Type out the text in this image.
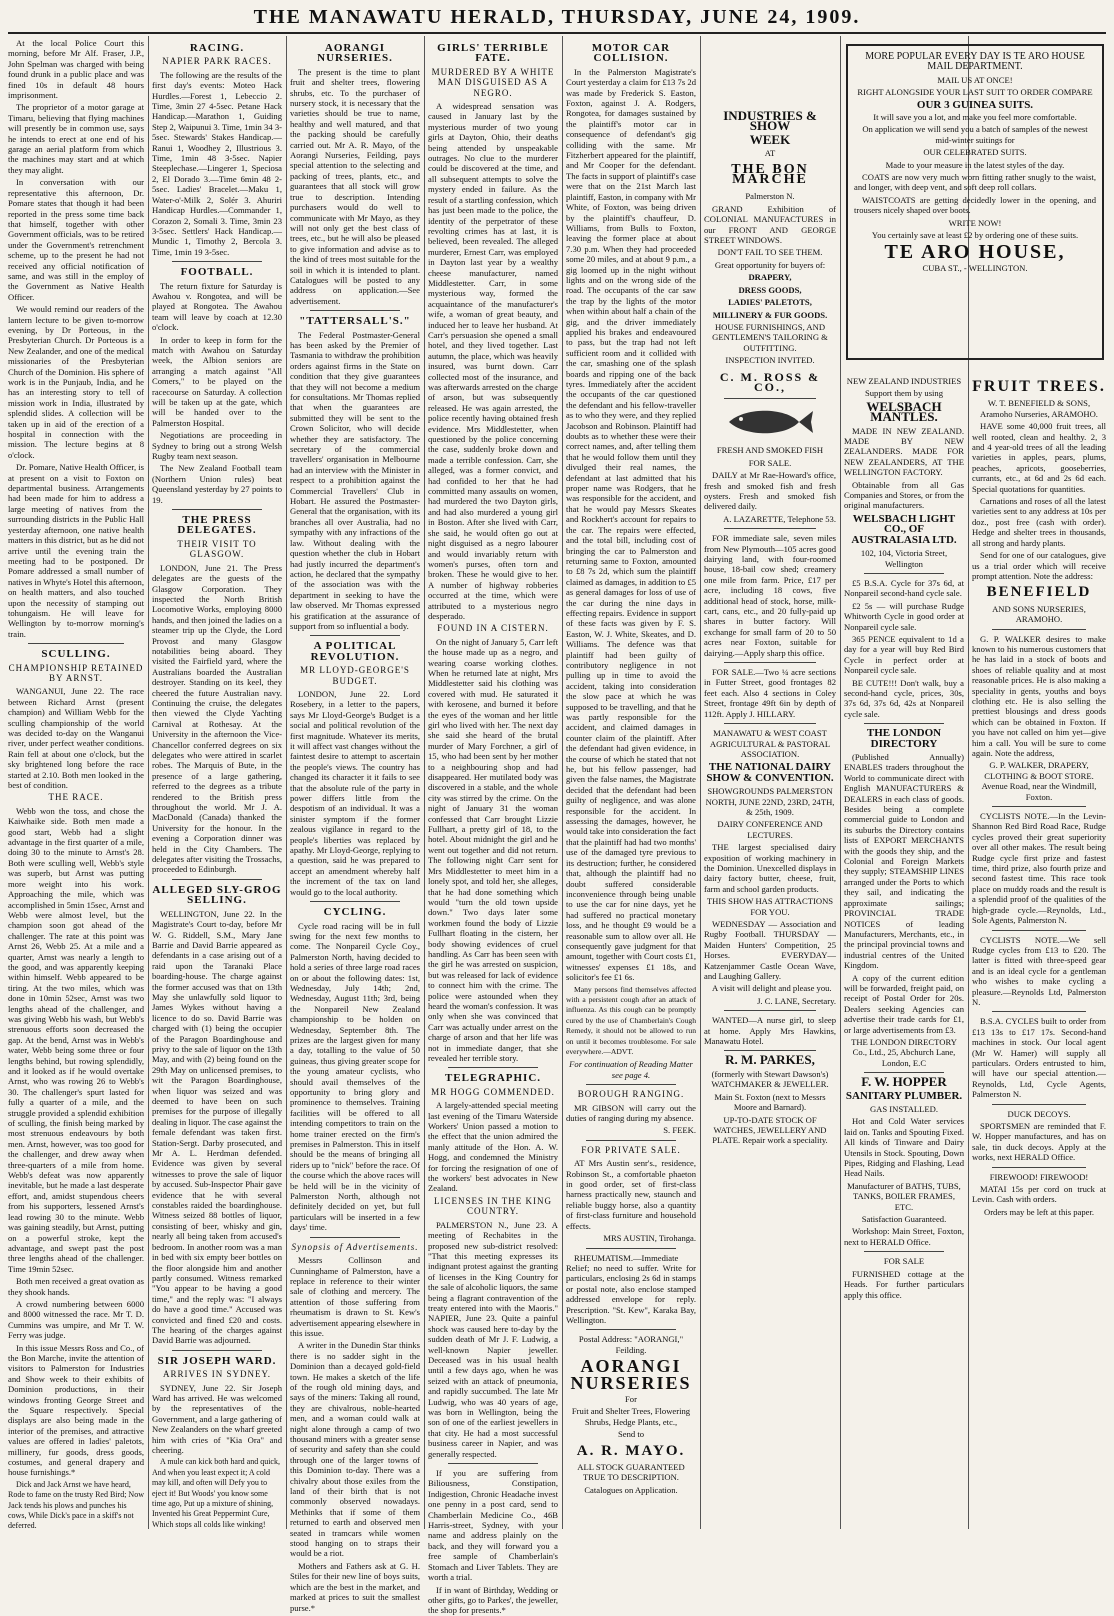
THE MANAWATU HERALD, THURSDAY, JUNE 24, 1909.

At the local Police Court this morning, before Mr Alf. Fraser, J.P., John Spelman was charged with being found drunk in a public place and was fined 10s in default 48 hours imprisonment.

The proprietor of a motor garage at Timaru, believing that flying machines will presently be in common use, says he intends to erect at one end of his garage an aerial platform from which the machines may start and at which they may alight.

In conversation with our representative this afternoon, Dr. Pomare states that though it had been reported in the press some time back that himself, together with other Government officials, was to be retired under the Government's retrenchment scheme, up to the present he had not received any official notification of same, and was still in the employ of the Government as Native Health Officer.

We would remind our readers of the lantern lecture to be given to-morrow evening, by Dr Porteous, in the Presbyterian Church. Dr Porteous is a New Zealander, and one of the medical missionaries of the Presbyterian Church of the Dominion. His sphere of work is in the Punjaub, India, and he has an interesting story to tell of mission work in India, illustrated by splendid slides. A collection will be taken up in aid of the erection of a hospital in connection with the mission. The lecture begins at 8 o'clock.

Dr. Pomare, Native Health Officer, is at present on a visit to Foxton on departmental business. Arrangements had been made for him to address a large meeting of natives from the surrounding districts in the Public Hall yesterday afternoon, one native health matters in this district, but as he did not arrive until the evening train the meeting had to be postponed. Dr Pomare addressed a small number of natives in Whyte's Hotel this afternoon, on health matters, and also touched upon the necessity of stamping out tohungaism. He will leave for Wellington by to-morrow morning's train.

SCULLING.
CHAMPIONSHIP RETAINED BY ARNST.

WANGANUI, June 22. The race between Richard Arnst (present champion) and William Webb for the sculling championship of the world was decided to-day on the Wanganui river, under perfect weather conditions. Rain fell at about one o'clock, but the sky brightened long before the race started at 2.10. Both men looked in the best of condition.

THE RACE.

Webb won the toss, and chose the Kaiwhaike side. Both men made a good start, Webb had a slight advantage in the first quarter of a mile, doing 30 to the minute to Arnst's 28. Both were sculling well, Webb's style was superb, but Arnst was putting more weight into his work. Approaching the mile, which was accomplished in 5min 15sec, Arnst and Webb were almost level, but the champion soon got ahead of the challenger. The rate at this point was Arnst 26, Webb 25. At a mile and a quarter, Arnst was nearly a length to the good, and was apparently keeping within himself. Webb appeared to be tiring. At the two miles, which was done in 10min 52sec, Arnst was two lengths ahead of the challenger, and was giving Webb his wash, but Webb's strenuous efforts soon decreased the gap. At the bend, Arnst was in Webb's water, Webb being some three or four lengths behind, but rowing splendidly, and it looked as if he would overtake Arnst, who was rowing 26 to Webb's 30. The challenger's spurt lasted for fully a quarter of a mile, and the struggle provided a splendid exhibition of sculling, the finish being marked by most strenuous endeavours by both men. Arnst, however, was too good for the challenger, and drew away when three-quarters of a mile from home. Webb's defeat was now apparently inevitable, but he made a last desperate effort, and, amidst stupendous cheers from his supporters, lessened Arnst's lead rowing 30 to the minute. Webb was gaining steadily, but Arnst, putting on a powerful stroke, kept the advantage, and swept past the post three lengths ahead of the challenger. Time 19min 52sec.

Both men received a great ovation as they shook hands.

A crowd numbering between 6000 and 8000 witnessed the race. Mr T. D. Cummins was umpire, and Mr T. W. Ferry was judge.

In this issue Messrs Ross and Co., of the Bon Marche, invite the attention of visitors to Palmerston for Industries and Show week to their exhibits of Dominion productions, in their windows fronting George Street and the Square respectively. Special displays are also being made in the interior of the premises, and attractive values are offered in ladies' paletots, millinery, fur goods, dress goods, costumes, and general drapery and house furnishings.*

Dick and Jack Arnst we have heard, Rode to fame on the trusty Red Bird; Now Jack tends his plows and punches his cows, While Dick's pace in a skiff's not deferred.

RACING.
NAPIER PARK RACES.

The following are the results of the first day's events: Moteo Hack Hurdles.—Forest 1, Lebeccio 2. Time, 3min 27 4-5sec. Petane Hack Handicap.—Marathon 1, Guiding Step 2, Waipunui 3. Time, 1min 34 3-5sec. Stewards' Stakes Handicap.—Ranui 1, Woodhey 2, Illustrious 3. Time, 1min 48 3-5sec. Napier Steeplechase.—Lingerer 1, Speciosa 2, El Dorado 3.—Time 6min 48 2-5sec. Ladies' Bracelet.—Maku 1, Water-o'-Milk 2, Solér 3. Ahuriri Handicap Hurdles.—Commander 1, Corazon 2, Somali 3. Time, 3min 23 3-5sec. Settlers' Hack Handicap.—Mundic 1, Timothy 2, Bercola 3. Time, 1min 19 3-5sec.

FOOTBALL.

The return fixture for Saturday is Awahou v. Rongotea, and will be played at Rongotea. The Awahou team will leave by coach at 12.30 o'clock.

In order to keep in form for the match with Awahou on Saturday week, the Albion seniors are arranging a match against "All Comers," to be played on the racecourse on Saturday. A collection will be taken up at the gate, which will be handed over to the Palmerston Hospital.

Negotiations are proceeding in Sydney to bring out a strong Welsh Rugby team next season.

The New Zealand Football team (Northern Union rules) beat Queensland yesterday by 27 points to 19.

THE PRESS DELEGATES.
THEIR VISIT TO GLASGOW.

LONDON, June 21. The Press delegates are the guests of the Glasgow Corporation. They inspected the North British Locomotive Works, employing 8000 hands, and then joined the ladies on a steamer trip up the Clyde, the Lord Provost and many Glasgow notabilities being aboard. They visited the Fairfield yard, where the Australians boarded the Australian destroyer. Standing on its keel, they cheered the future Australian navy. Continuing the cruise, the delegates then viewed the Clyde Yachting Carnival at Rothesay. At the University in the afternoon the Vice-Chancellor conferred degrees on six delegates who were attired in scarlet robes. The Marquis of Bute, in the presence of a large gathering, referred to the degrees as a tribute rendered to the British press throughout the world. Mr J. A. MacDonald (Canada) thanked the University for the honour. In the evening a Corporation dinner was held in the City Chambers. The delegates after visiting the Trossachs, proceeded to Edinburgh.

ALLEGED SLY-GROG SELLING.

WELLINGTON, June 22. In the Magistrate's Court to-day, before Mr W. G. Riddell, S.M., Mary Jane Barrie and David Barrie appeared as defendants in a case arising out of a raid upon the Taranaki Place boarding-house. The charge against the former accused was that on 13th May she unlawfully sold liquor to James Wykes without having a licence to do so. David Barrie was charged with (1) being the occupier of the Paragon Boardinghouse and privy to the sale of liquor on the 13th May, and with (2) being found on the 29th May on unlicensed premises, to wit the Paragon Boardinghouse, when liquor was seized and was deemed to have been on such premises for the purpose of illegally dealing in liquor. The case against the female defendant was taken first. Station-Sergt. Darby prosecuted, and Mr A. L. Herdman defended. Evidence was given by several witnesses to prove the sale of liquor by accused. Sub-Inspector Phair gave evidence that he with several constables raided the boardinghouse. Witness seized 88 bottles of liquor, consisting of beer, whisky and gin, nearly all being taken from accused's bedroom. In another room was a man in bed with six empty beer bottles on the floor alongside him and another partly consumed. Witness remarked "You appear to be having a good time," and the reply was: "I always do have a good time." Accused was convicted and fined £20 and costs. The hearing of the charges against David Barrie was adjourned.

SIR JOSEPH WARD.
ARRIVES IN SYDNEY.

SYDNEY, June 22. Sir Joseph Ward has arrived. He was welcomed by the representatives of the Government, and a large gathering of New Zealanders on the wharf greeted him with cries of "Kia Ora" and cheering.

A mule can kick both hard and quick, And when you least expect it; A cold may kill, and often will Defy you to eject it! But Woods' you know some time ago, Put up a mixture of shining, Invented his Great Peppermint Cure, Which stops all colds like winking!

AORANGI NURSERIES.

The present is the time to plant fruit and shelter trees, flowering shrubs, etc. To the purchaser of nursery stock, it is necessary that the varieties should be true to name, healthy and well matured, and that the packing should be carefully carried out. Mr A. R. Mayo, of the Aorangi Nurseries, Feilding, pays special attention to the selecting and packing of trees, plants, etc., and guarantees that all stock will grow true to description. Intending purchasers would do well to communicate with Mr Mayo, as they will not only get the best class of trees, etc., but he will also be pleased to give information and advise as to the kind of trees most suitable for the soil in which it is intended to plant. Catalogues will be posted to any address on application.—See advertisement.

"TATTERSALL'S."

The Federal Postmaster-General has been asked by the Premier of Tasmania to withdraw the prohibition orders against firms in the State on condition that they give guarantees that they will not become a medium for consultations. Mr Thomas replied that when the guarantees are submitted they will be sent to the Crown Solicitor, who will decide whether they are satisfactory. The secretary of the commercial travellers' organisation in Melbourne had an interview with the Minister in respect to a prohibition against the Commercial Travellers' Club in Hobart. He assured the Postmaster-General that the organisation, with its branches all over Australia, had no sympathy with any infractions of the law. Without dealing with the question whether the club in Hobart had justly incurred the department's action, he declared that the sympathy of the association was with the department in seeking to have the law observed. Mr Thomas expressed his gratification at the assurance of support from so influential a body.

A POLITICAL REVOLUTION.
MR LLOYD-GEORGE'S BUDGET.

LONDON, June 22. Lord Rosebery, in a letter to the papers, says Mr Lloyd-George's Budget is a social and political revolution of the first magnitude. Whatever its merits, it will affect vast changes without the faintest desire to attempt to ascertain the people's views. The country has changed its character it it fails to see that the absolute rule of the party in power differs little from the despotism of an individual. It was a sinister symptom if the former zealous vigilance in regard to the people's liberties was replaced by apathy. Mr Lloyd-George, replying to a question, said he was prepared to accept an amendment whereby half the increment of the tax on land would go to the local authority.

CYCLING.

Cycle road racing will be in full swing for the next few months to come. The Nonpareil Cycle Coy., Palmerston North, having decided to hold a series of three large road races on or about the following dates: 1st, Wednesday, July 14th; 2nd, Wednesday, August 11th; 3rd, being the Nonpareil New Zealand championship to be holden on Wednesday, September 8th. The prizes are the largest given for many a day, totalling to the value of 50 guineas, thus giving greater scope for the young amateur cyclists, who should avail themselves of the opportunity to bring glory and prominence to themselves. Training facilities will be offered to all intending competitors to train on the home trainer erected on the firm's premises in Palmerston. This in itself should be the means of bringing all riders up to "nick" before the race. Of the course which the above races will be held will be in the vicinity of Palmerston North, although not definitely decided on yet, but full particulars will be inserted in a few days' time.

Synopsis of Advertisements.

Messrs Collinson and Cunninghame of Palmerston, have a replace in reference to their winter sale of clothing and mercery. The attention of those suffering from rheumatism is drawn to St. Kew's advertisement appearing elsewhere in this issue.

A writer in the Dunedin Star thinks there is no sadder sight in the Dominion than a decayed gold-field town. He makes a sketch of the life of the rough old mining days, and says of the miners: Taking all round, they are chivalrous, noble-hearted men, and a woman could walk at night alone through a camp of two thousand miners with a greater sense of security and safety than she could through one of the larger towns of this Dominion to-day. There was a chivalry about those exiles from the land of their birth that is not commonly observed nowadays. Methinks that if some of them returned to earth and observed men seated in tramcars while women stood hanging on to straps their would be a riot.

Mothers and Fathers ask at G. H. Stiles for their new line of boys suits, which are the best in the market, and marked at prices to suit the smallest purse.*

GIRLS' TERRIBLE FATE.
MURDERED BY A WHITE MAN DISGUISED AS A NEGRO.

A widespread sensation was caused in January last by the mysterious murder of two young girls at Dayton, Ohio, their deaths being attended by unspeakable outrages. No clue to the murderer could be discovered at the time, and all subsequent attempts to solve the mystery ended in failure. As the result of a startling confession, which has just been made to the police, the identity of the perpetrator of these revolting crimes has at last, it is believed, been revealed. The alleged murderer, Ernest Carr, was employed in Dayton last year by a wealthy cheese manufacturer, named Middlestetter. Carr, in some mysterious way, formed the acquaintance of the manufacturer's wife, a woman of great beauty, and induced her to leave her husband. At Carr's persuasion she opened a small hotel, and they lived together. Last autumn, the place, which was heavily insured, was burnt down. Carr collected most of the insurance, and was afterwards arrested on the charge of arson, but was subsequently released. He was again arrested, the police recently having obtained fresh evidence. Mrs Middlestetter, when questioned by the police concerning the case, suddenly broke down and made a terrible confession. Carr, she alleged, was a former convict, and had confided to her that he had committed many assaults on women, had murdered the two Dayton girls, and had also murdered a young girl in Boston. After she lived with Carr, she said, he would often go out at night disguised as a negro labourer and would invariably return with women's purses, often torn and broken. These he would give to her. A number of highway robberies occurred at the time, which were attributed to a mysterious negro desperado.

FOUND IN A CISTERN.

On the night of January 5, Carr left the house made up as a negro, and wearing coarse working clothes. When he returned late at night, Mrs Middlestetter said his clothing was covered with mud. He saturated it with kerosene, and burned it before the eyes of the woman and her little girl who lived with her. The next day she said she heard of the brutal murder of Mary Forchner, a girl of 15, who had been sent by her mother to a neighbouring shop and had disappeared. Her mutilated body was discovered in a stable, and the whole city was stirred by the crime. On the night of January 31 the woman confessed that Carr brought Lizzie Fullhart, a pretty girl of 18, to the hotel. About midnight the girl and he went out together and did not return. The following night Carr sent for Mrs Middlestetter to meet him in a lonely spot, and told her, she alleges, that he had done something which would "turn the old town upside down." Two days later some workmen found the body of Lizzie Fullhart floating in the cistern, her body showing evidences of cruel handling. As Carr has been seen with the girl he was arrested on suspicion, but was released for lack of evidence to connect him with the crime. The police were astounded when they heard the woman's confession. It was only when she was convinced that Carr was actually under arrest on the charge of arson and that her life was not in immediate danger, that she revealed her terrible story.

TELEGRAPHIC.
MR HOGG COMMENDED.

A largely-attended special meeting last evening of the Timaru Waterside Workers' Union passed a motion to the effect that the union admired the manly attitude of the Hon. A. W. Hogg, and condemned the Ministry for forcing the resignation of one of the workers' best advocates in New Zealand.

LICENSES IN THE KING COUNTRY.

PALMERSTON N., June 23. A meeting of Rechabites in the proposed new sub-district resolved: "That this meeting expresses its indignant protest against the granting of licenses in the King Country for the sale of alcoholic liquors, the same being a flagrant contravention of the treaty entered into with the Maoris." NAPIER, June 23. Quite a painful shock was caused here to-day by the sudden death of Mr J. F. Ludwig, a well-known Napier jeweller. Deceased was in his usual health until a few days ago, when he was seized with an attack of pneumonia, and rapidly succumbed. The late Mr Ludwig, who was 40 years of age, was born in Wellington, being the son of one of the earliest jewellers in that city. He had a most successful business career in Napier, and was generally respected.

If you are suffering from Biliousness, Constipation, Indigestion, Chronic Headache invest one penny in a post card, send to Chamberlain Medicine Co., 46B Harris-street, Sydney, with your name and address plainly on the back, and they will forward you a free sample of Chamberlain's Stomach and Liver Tablets. They are worth a trial.

If in want of Birthday, Wedding or other gifts, go to Parkes', the jeweller, the shop for presents.*

MOTOR CAR COLLISION.

In the Palmerston Magistrate's Court yesterday a claim for £13 7s 2d was made by Frederick S. Easton, Foxton, against J. A. Rodgers, Rongotea, for damages sustained by the plaintiff's motor car in consequence of defendant's gig colliding with the same. Mr Fitzherbert appeared for the plaintiff, and Mr Cooper for the defendant. The facts in support of plaintiff's case were that on the 21st March last plaintiff, Easton, in company with Mr White, of Foxton, was being driven by the plaintiff's chauffeur, D. Williams, from Bulls to Foxton, leaving the former place at about 7.30 p.m. When they had proceeded some 20 miles, and at about 9 p.m., a gig loomed up in the night without lights and on the wrong side of the road. The occupants of the car saw the trap by the lights of the motor when within about half a chain of the gig, and the driver immediately applied his brakes and endeavoured to pass, but the trap had not left sufficient room and it collided with the car, smashing one of the splash boards and ripping one of the back tyres. Immediately after the accident the occupants of the car questioned the defendant and his fellow-traveller as to who they were, and they replied Jacobson and Robinson. Plaintiff had doubts as to whether these were their correct names, and, after telling them that he would follow them until they divulged their real names, the defendant at last admitted that his proper name was Rodgers, that he was responsible for the accident, and that he would pay Messrs Skeates and Rockhert's account for repairs to the car. The repairs were effected, and the total bill, including cost of bringing the car to Palmerston and returning same to Foxton, amounted to £8 7s 2d, which sum the plaintiff claimed as damages, in addition to £5 as general damages for loss of use of the car during the nine days in effecting repairs. Evidence in support of these facts was given by F. S. Easton, W. J. White, Skeates, and D. Williams. The defence was that plaintiff had been guilty of contributory negligence in not pulling up in time to avoid the accident, taking into consideration the slow pace at which he was supposed to be travelling, and that he was partly responsible for the accident, and claimed damages in counter claim of the plaintiff. After the defendant had given evidence, in the course of which he stated that not he, but his fellow passenger, had given the false names, the Magistrate decided that the defendant had been guilty of negligence, and was alone responsible for the accident. In assessing the damages, however, he would take into consideration the fact that the plaintiff had had two months' use of the damaged tyre previous to its destruction; further, he considered that, although the plaintiff had no doubt suffered considerable inconvenience through being unable to use the car for nine days, yet he had suffered no practical monetary loss, and he thought £9 would be a reasonable sum to allow over all. He consequently gave judgment for that amount, together with Court costs £1, witnesses' expenses £1 18s, and solicitor's fee £1 6s.

Many persons find themselves affected with a persistent cough after an attack of influenza. As this cough can be promptly cured by the use of Chamberlain's Cough Remedy, it should not be allowed to run on until it becomes troublesome. For sale everywhere.—ADVT.

For continuation of Reading Matter see page 4.

BOROUGH RANGING.

MR GIBSON will carry out the duties of ranging during my absence.

S. FEEK.

FOR PRIVATE SALE.

AT Mrs Austin senr's., residence, Robinson St., a comfortable phaeton in good order, set of first-class harness practically new, staunch and reliable buggy horse, also a quantity of first-class furniture and household effects.

MRS AUSTIN, Tirohanga.

RHEUMATISM.—Immediate Relief; no need to suffer. Write for particulars, enclosing 2s 6d in stamps or postal note, also enclose stamped addressed envelope for reply. Prescription. "St. Kew", Karaka Bay, Wellington.

Postal Address: "AORANGI," Feilding.

AORANGI
NURSERIES

For

Fruit and Shelter Trees, Flowering Shrubs, Hedge Plants, etc.,

Send to

A. R. MAYO.

ALL STOCK GUARANTEED TRUE TO DESCRIPTION.

Catalogues on Application.

INDUSTRIES & SHOW
WEEK

AT

THE BON MARCHE

Palmerston N.

GRAND Exhibition of COLONIAL MANUFACTURES in our FRONT AND GEORGE STREET WINDOWS.

DON'T FAIL TO SEE THEM.

Great opportunity for buyers of:

DRAPERY,

DRESS GOODS,

LADIES' PALETOTS,

MILLINERY & FUR GOODS.

HOUSE FURNISHINGS, AND GENTLEMEN'S TAILORING & OUTFITTING.

INSPECTION INVITED.

C. M. ROSS & CO.,

FRESH AND SMOKED FISH

FOR SALE.

DAILY at Mr Rae-Howard's office, fresh and smoked fish and fresh oysters. Fresh and smoked fish delivered daily.

A. LAZARETTE, Telephone 53.

FOR immediate sale, seven miles from New Plymouth—105 acres good dairying land, with four-roomed house, 18-bail cow shed; creamery one mile from farm. Price, £17 per acre, including 18 cows, five additional head of stock, horse, milk-cart, cans, etc., and 20 fully-paid up shares in butter factory. Will exchange for small farm of 20 to 50 acres near Foxton, suitable for dairying.—Apply sharp this office.

FOR SALE.—Two ¼ acre sections in Futter Street, good frontages 82 feet each. Also 4 sections in Coley Street, frontage 49ft 6in by depth of 112ft. Apply J. HILLARY.

MANAWATU & WEST COAST AGRICULTURAL & PASTORAL ASSOCIATION.

THE NATIONAL DAIRY SHOW & CONVENTION.

SHOWGROUNDS PALMERSTON NORTH, JUNE 22ND, 23RD, 24TH, & 25th, 1909.

DAIRY CONFERENCE AND LECTURES.

THE largest specialised dairy exposition of working machinery in the Dominion. Unexcelled displays in dairy factory butter, cheese, fruit, farm and school garden products.

THIS SHOW HAS ATTRACTIONS FOR YOU.

WEDNESDAY — Association and Rugby Football. THURSDAY — Maiden Hunters' Competition, 25 Horses. EVERYDAY—Katzenjammer Castle Ocean Wave, and Laughing Gallery.

A visit will delight and please you.

J. C. LANE, Secretary.

WANTED—A nurse girl, to sleep at home. Apply Mrs Hawkins, Manawatu Hotel.

R. M. PARKES,

(formerly with Stewart Dawson's) WATCHMAKER & JEWELLER.

Main St. Foxton (next to Messrs Moore and Barnard).

UP-TO-DATE STOCK OF WATCHES, JEWELLERY AND PLATE. Repair work a speciality.

MORE POPULAR EVERY DAY IS TE ARO HOUSE MAIL DEPARTMENT.

MAIL US AT ONCE!

RIGHT ALONGSIDE YOUR LAST SUIT TO ORDER COMPARE

OUR 3 GUINEA SUITS.

It will save you a lot, and make you feel more comfortable.

On application we will send you a batch of samples of the newest mid-winter suitings for

OUR CELEBRATED SUITS.

Made to your measure in the latest styles of the day.

COATS are now very much worn fitting rather snugly to the waist, and longer, with deep vent, and soft deep roll collars.

WAISTCOATS are getting decidedly lower in the opening, and trousers nicely shaped over boots.

WRITE NOW!

You certainly save at least £2 by ordering one of these suits.

TE ARO HOUSE,

CUBA ST., - WELLINGTON.

NEW ZEALAND INDUSTRIES

Support them by using

WELSBACH MANTLES.

MADE IN NEW ZEALAND. MADE BY NEW ZEALANDERS. MADE FOR NEW ZEALANDERS, AT THE WELLINGTON FACTORY.

Obtainable from all Gas Companies and Stores, or from the original manufacturers.

WELSBACH LIGHT CO., OF AUSTRALASIA LTD.

102, 104, Victoria Street, Wellington

£5 B.S.A. Cycle for 37s 6d, at Nonpareil second-hand cycle sale.

£2 5s — will purchase Rudge Whitworth Cycle in good order at Nonpareil cycle sale.

365 PENCE equivalent to 1d a day for a year will buy Red Bird Cycle in perfect order at Nonpareil cycle sale.

BE CUTE!!! Don't walk, buy a second-hand cycle, prices, 30s, 37s 6d, 37s 6d, 42s at Nonpareil cycle sale.

THE LONDON DIRECTORY

(Published Annually) ENABLES traders throughout the World to communicate direct with English MANUFACTURERS & DEALERS in each class of goods. Besides being a complete commercial guide to London and its suburbs the Directory contains lists of EXPORT MERCHANTS with the goods they ship, and the Colonial and Foreign Markets they supply; STEAMSHIP LINES arranged under the Ports to which they sail, and indicating the approximate sailings; PROVINCIAL TRADE NOTICES of leading Manufacturers, Merchants, etc., in the principal provincial towns and industrial centres of the United Kingdom.

A copy of the current edition will be forwarded, freight paid, on receipt of Postal Order for 20s. Dealers seeking Agencies can advertise their trade cards for £1, or large advertisements from £3.

THE LONDON DIRECTORY Co., Ltd., 25, Abchurch Lane, London, E.C

F. W. HOPPER
SANITARY PLUMBER.

GAS INSTALLED.

Hot and Cold Water services laid on. Tanks and Spouting Fixed. All kinds of Tinware and Dairy Utensils in Stock. Spouting, Down Pipes, Ridging and Flashing, Lead Head Nails.

Manufacturer of BATHS, TUBS, TANKS, BOILER FRAMES, ETC.

Satisfaction Guaranteed.

Workshop: Main Street, Foxton, next to HERALD Office.

FOR SALE

FURNISHED cottage at the Heads. For further particulars apply this office.

FRUIT TREES.

W. T. BENEFIELD & SONS, Aramoho Nurseries, ARAMOHO.

HAVE some 40,000 fruit trees, all well rooted, clean and healthy. 2, 3 and 4 year-old trees of all the leading varieties in apples, pears, plums, peaches, apricots, gooseberries, currants, etc., at 6d and 2s 6d each. Special quotations for quantities.

Carnations and roses of all the latest varieties sent to any address at 10s per doz., post free (cash with order). Hedge and shelter trees in thousands, all strong and hardy plants.

Send for one of our catalogues, give us a trial order which will receive prompt attention. Note the address:

BENEFIELD

AND SONS NURSERIES, ARAMOHO.

G. P. WALKER desires to make known to his numerous customers that he has laid in a stock of boots and shoes of reliable quality and at most reasonable prices. He is also making a speciality in gents, youths and boys clothing etc. He is also selling the prettiest blousings and dress goods which can be obtained in Foxton. If you have not called on him yet—give him a call. You will be sure to come again. Note the address,

G. P. WALKER, DRAPERY, CLOTHING & BOOT STORE. Avenue Road, near the Windmill, Foxton.

CYCLISTS NOTE.—In the Levin-Shannon Red Bird Road Race, Rudge cycles proved their great superiority over all other makes. The result being Rudge cycle first prize and fastest time, third prize, also fourth prize and second fastest time. This race took place on muddy roads and the result is a splendid proof of the qualities of the high-grade cycle.—Reynolds, Ltd., Sole Agents, Palmerston N.

CYCLISTS NOTE.—We sell Rudge cycles from £13 to £20. The latter is fitted with three-speed gear and is an ideal cycle for a gentleman who wishes to make cycling a pleasure.—Reynolds Ltd, Palmerston N.

B.S.A. CYCLES built to order from £13 13s to £17 17s. Second-hand machines in stock. Our local agent (Mr W. Hamer) will supply all particulars. Orders entrusted to him, will have our special attention.—Reynolds, Ltd, Cycle Agents, Palmerston N.

DUCK DECOYS.

SPORTSMEN are reminded that F. W. Hopper manufactures, and has on sale, tin duck decoys. Apply at the works, next HERALD Office.

FIREWOOD! FIREWOOD!

MATAI 15s per cord on truck at Levin. Cash with orders.

Orders may be left at this paper.
